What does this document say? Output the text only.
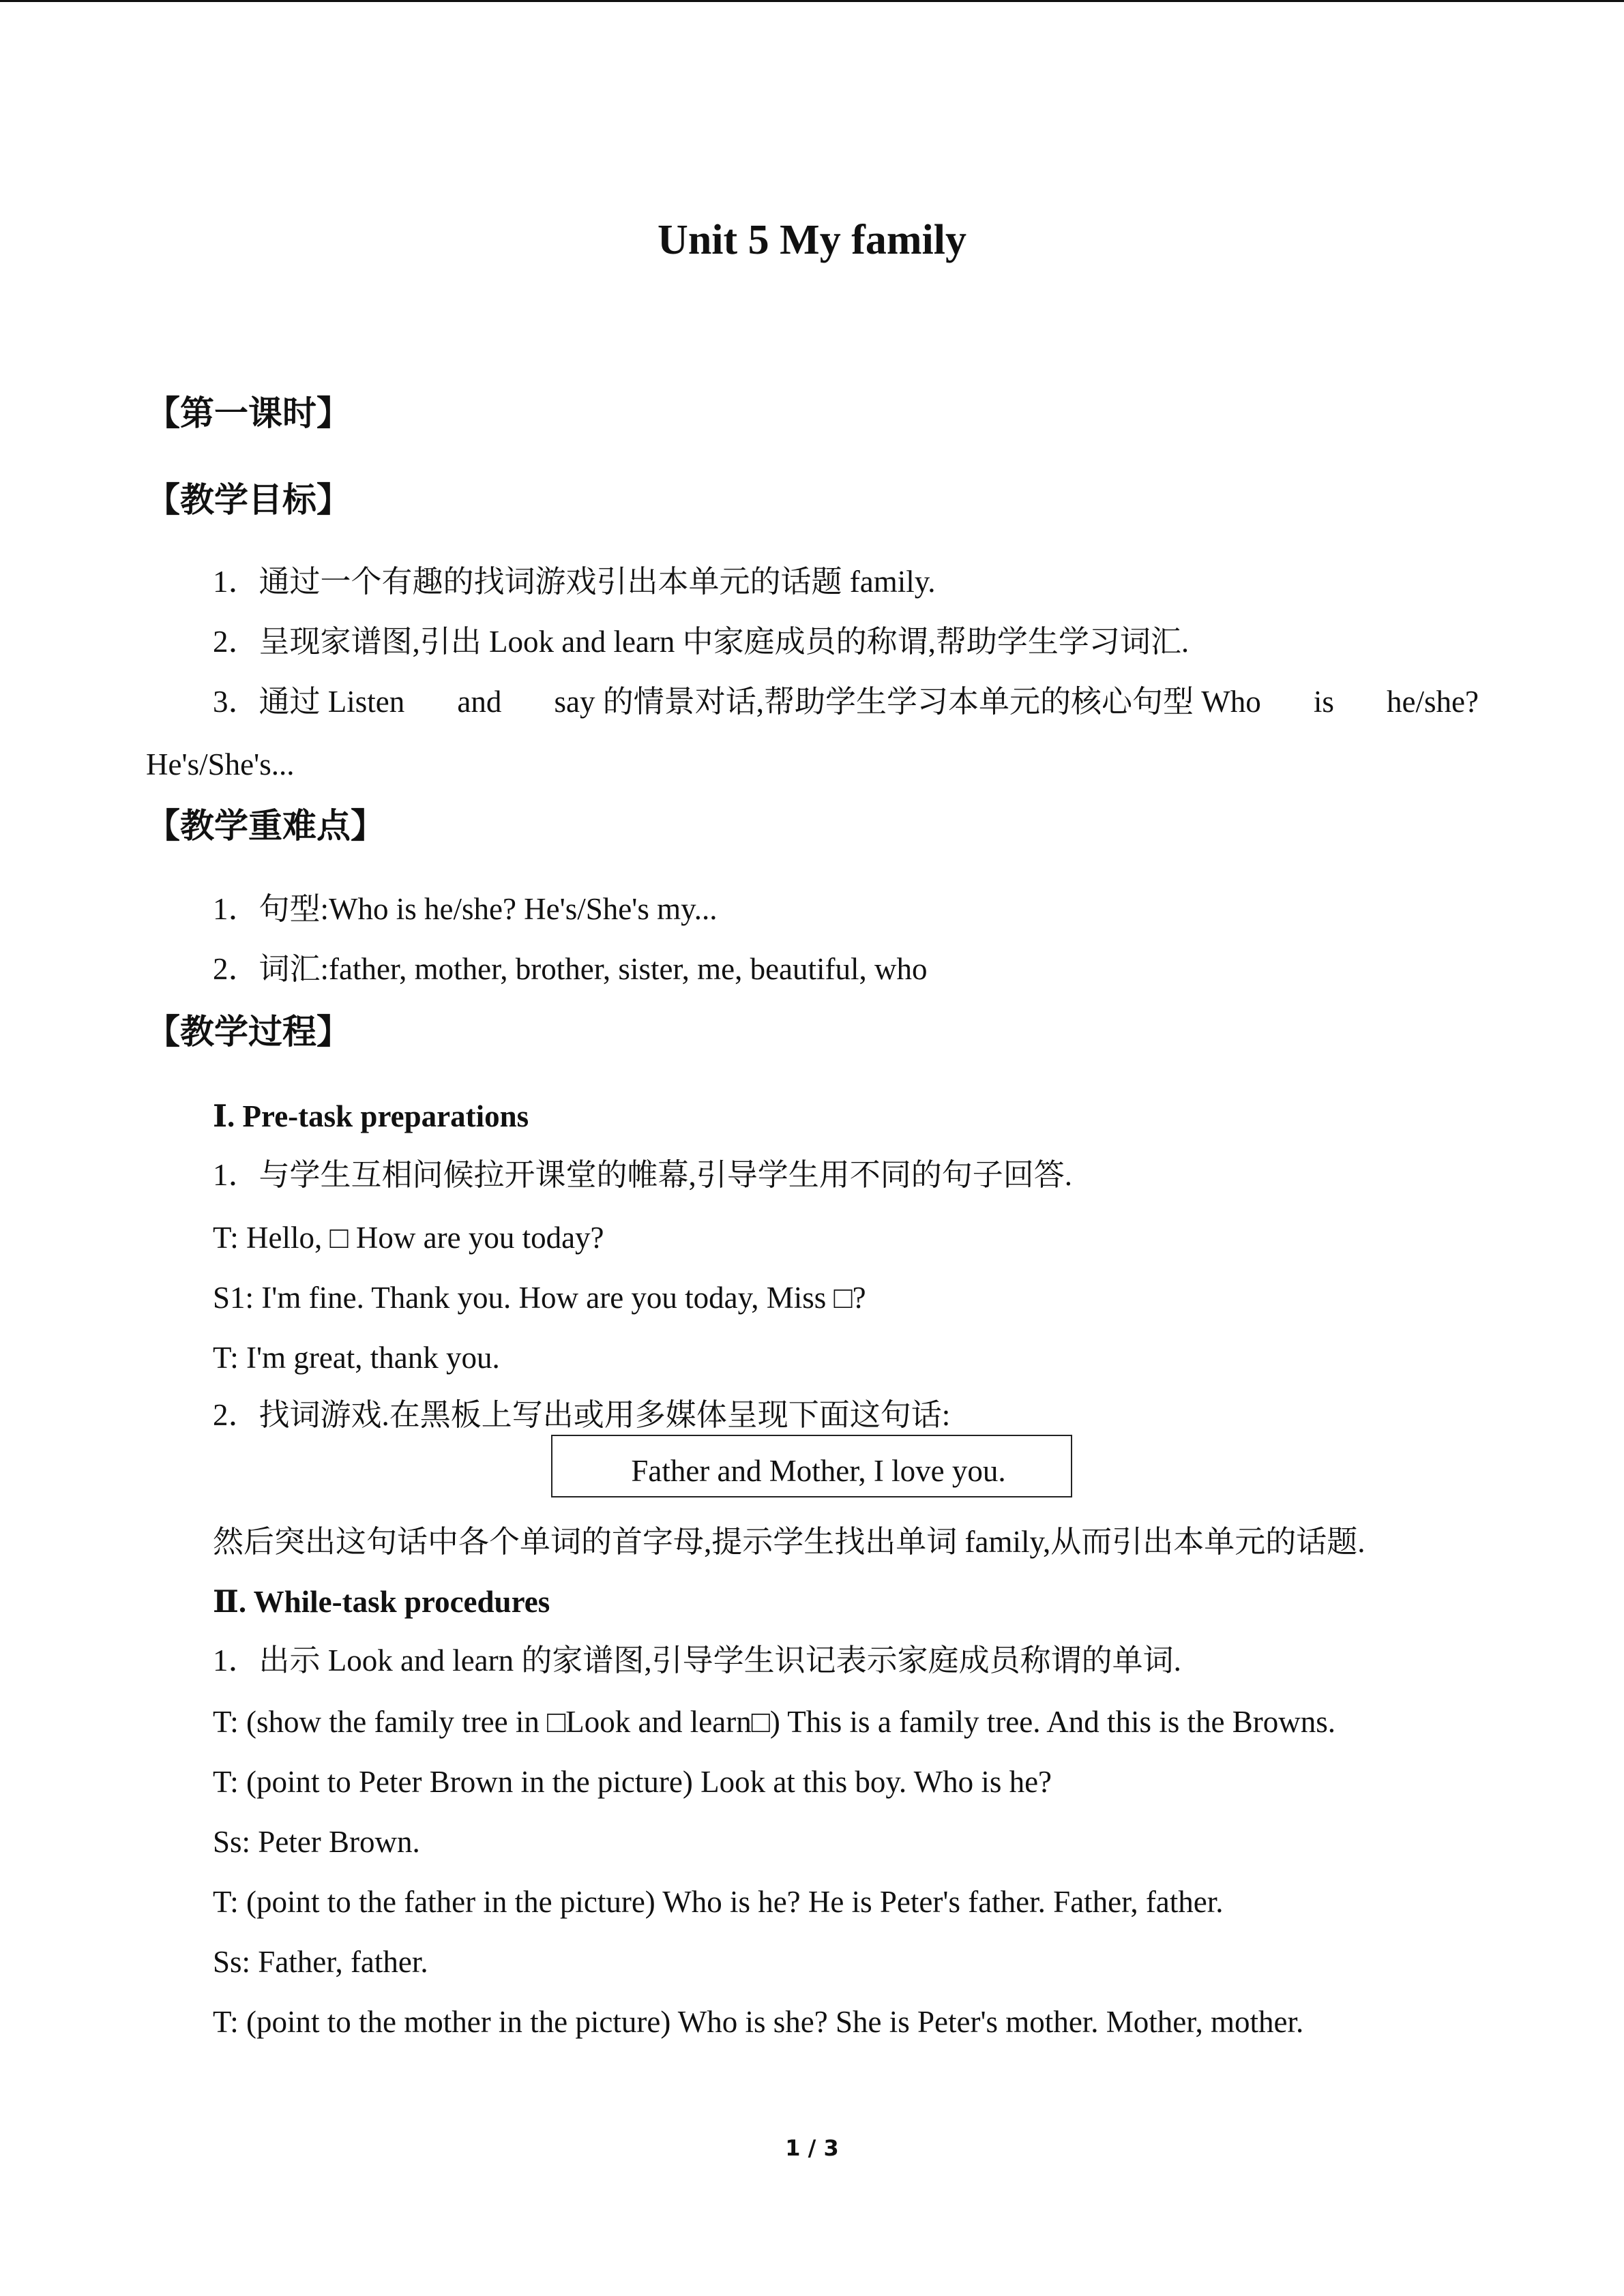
Unit 5 My family
【第一课时】
【教学目标】
1．通过一个有趣的找词游戏引出本单元的话题 family.
2．呈现家谱图,引出 Look and learn 中家庭成员的称谓,帮助学生学习词汇.
3．通过 Listen and say 的情景对话,帮助学生学习本单元的核心句型 Who is he/she?
He's/She's...
【教学重难点】
1．句型:Who is he/she? He's/She's my...
2．词汇:father, mother, brother, sister, me, beautiful, who
【教学过程】
Ⅰ. Pre-task preparations
1．与学生互相问候拉开课堂的帷幕,引导学生用不同的句子回答.
T: Hello, □ How are you today?
S1: I'm fine. Thank you. How are you today, Miss □?
T: I'm great, thank you.
2．找词游戏.在黑板上写出或用多媒体呈现下面这句话:
Father and Mother, I love you.
然后突出这句话中各个单词的首字母,提示学生找出单词 family,从而引出本单元的话题.
Ⅱ. While-task procedures
1．出示 Look and learn 的家谱图,引导学生识记表示家庭成员称谓的单词.
T: (show the family tree in □Look and learn□) This is a family tree. And this is the Browns.
T: (point to Peter Brown in the picture) Look at this boy. Who is he?
Ss: Peter Brown.
T: (point to the father in the picture) Who is he? He is Peter's father. Father, father.
Ss: Father, father.
T: (point to the mother in the picture) Who is she? She is Peter's mother. Mother, mother.
1 / 3
